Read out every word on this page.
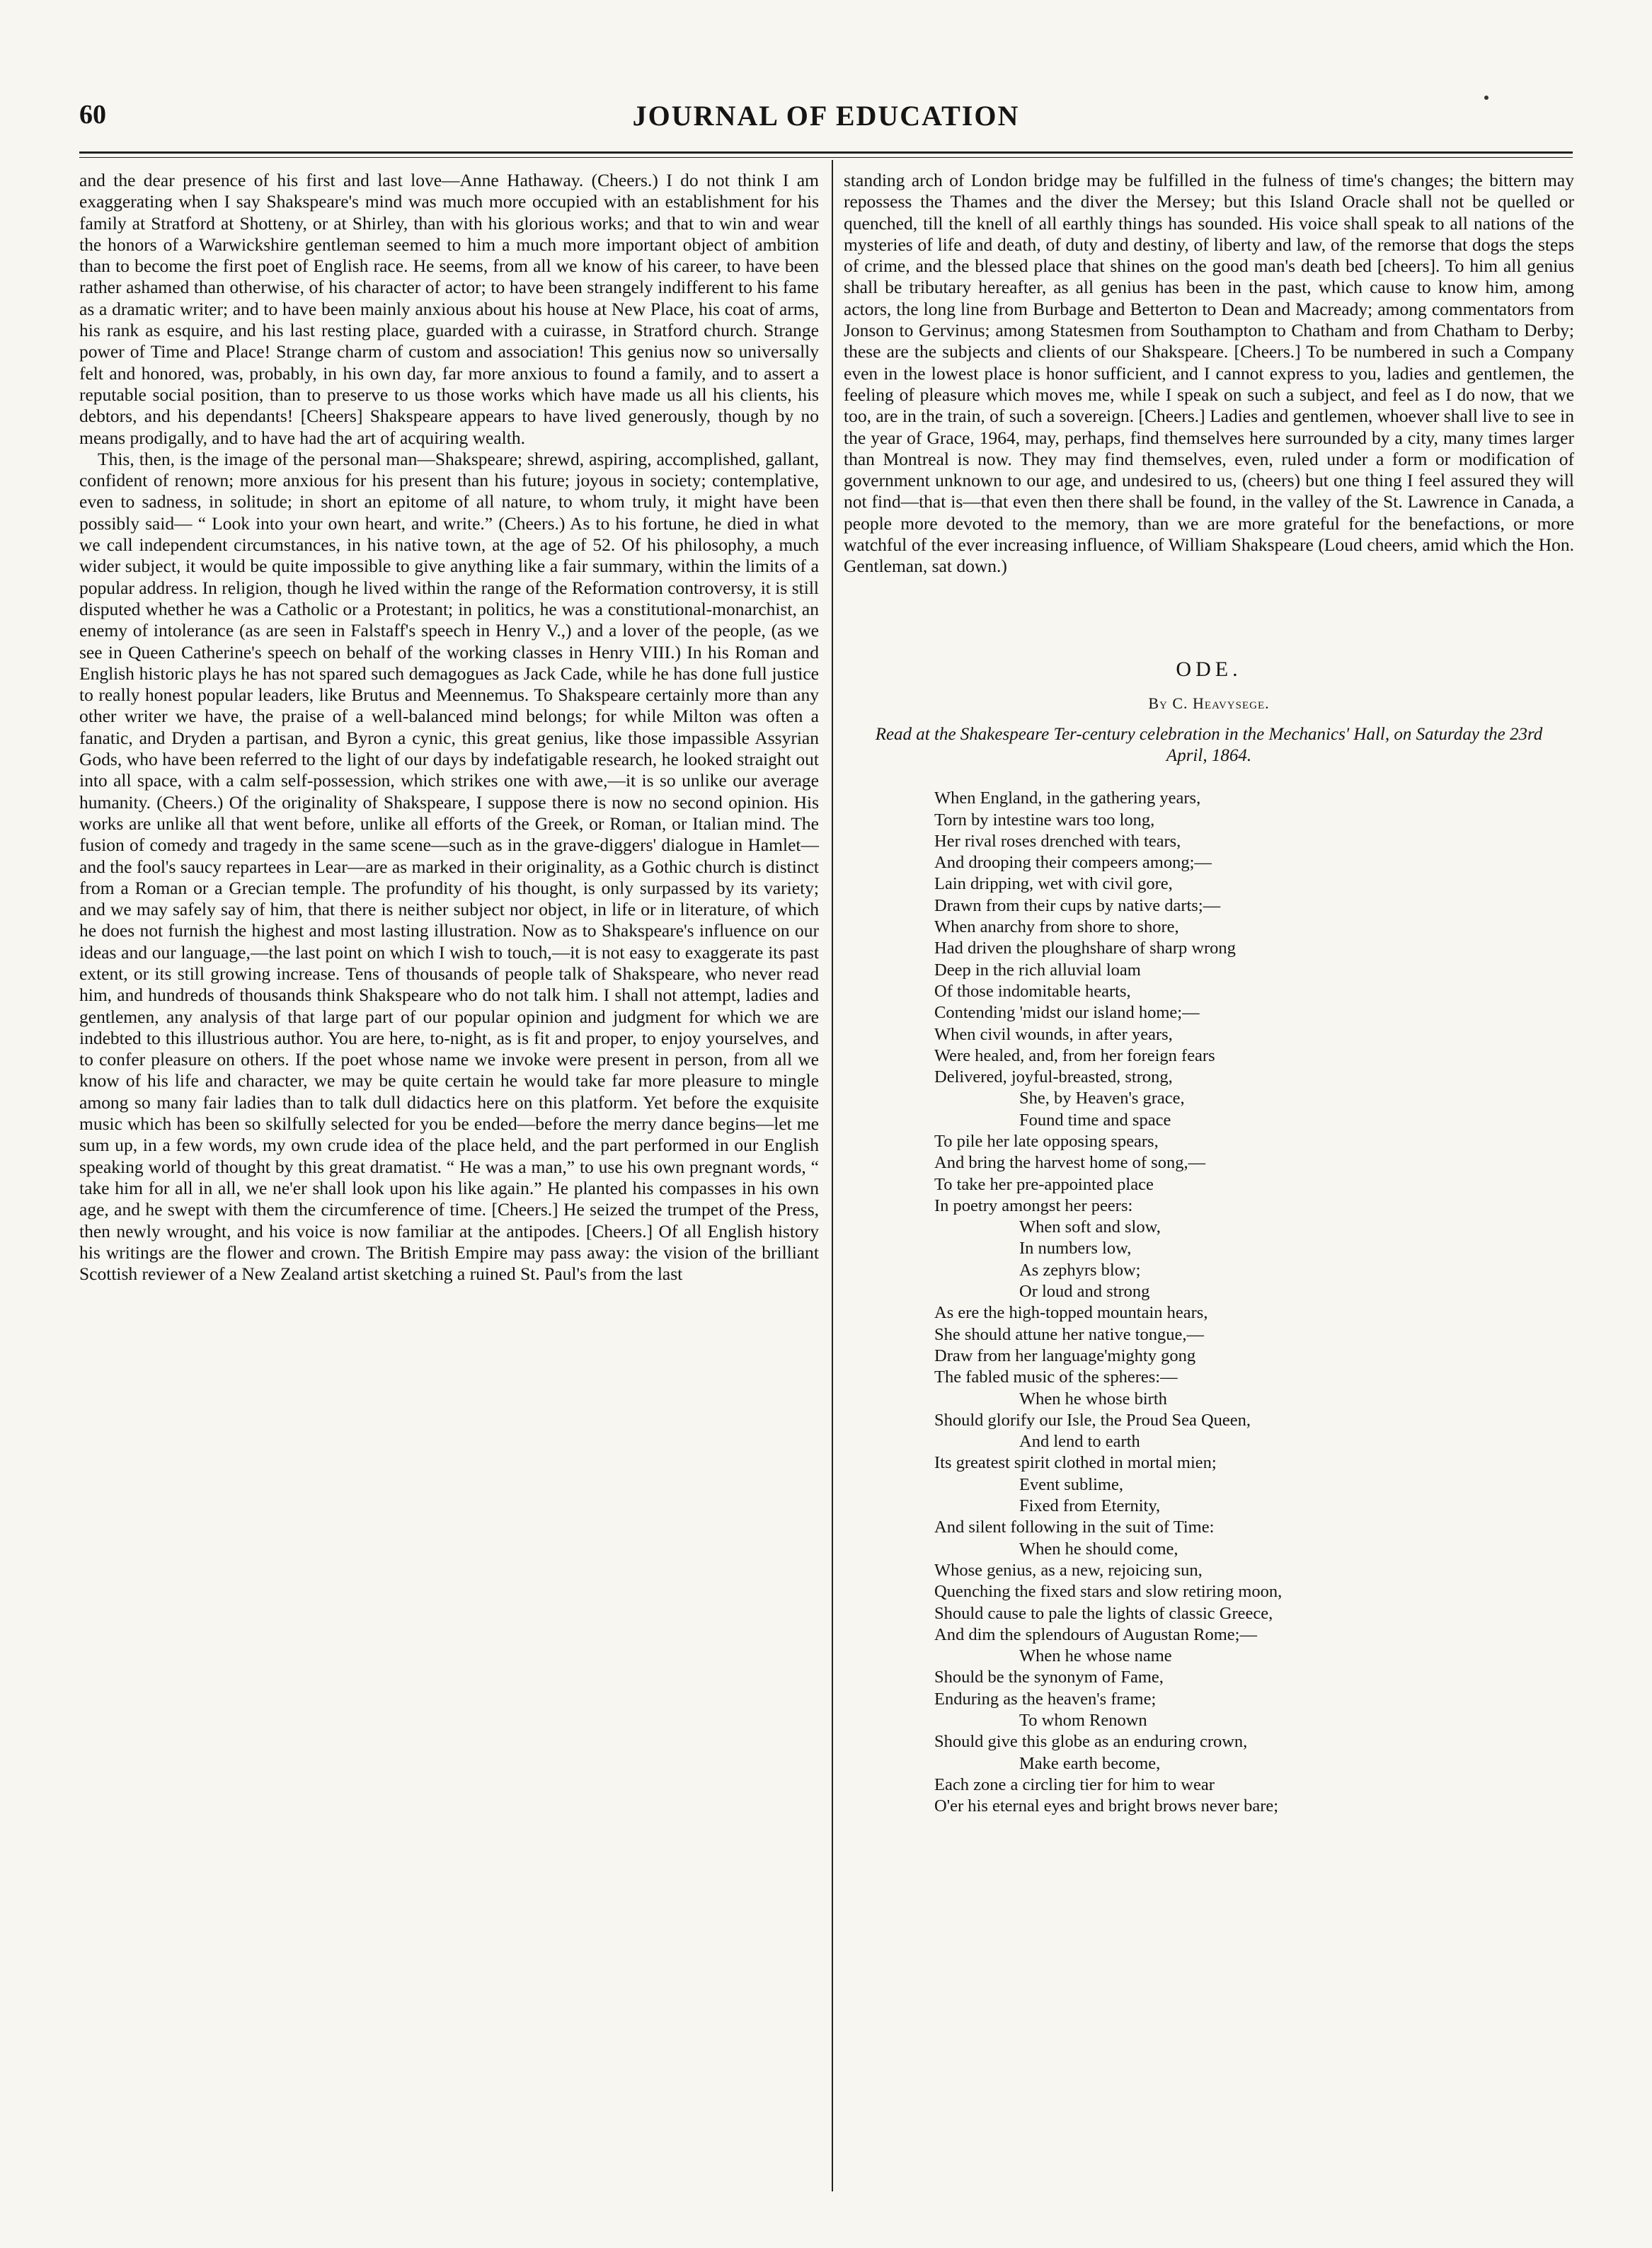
60	JOURNAL OF EDUCATION

and the dear presence of his first and last love—Anne Hathaway. (Cheers.) I do not think I am exaggerating when I say Shakspeare's mind was much more occupied with an establishment for his family at Stratford at Shotteny, or at Shirley, than with his glorious works; and that to win and wear the honors of a Warwickshire gentleman seemed to him a much more important object of ambition than to become the first poet of English race. He seems, from all we know of his career, to have been rather ashamed than otherwise, of his character of actor; to have been strangely indifferent to his fame as a dramatic writer; and to have been mainly anxious about his house at New Place, his coat of arms, his rank as esquire, and his last resting place, guarded with a cuirasse, in Stratford church. Strange power of Time and Place! Strange charm of custom and association! This genius now so universally felt and honored, was, probably, in his own day, far more anxious to found a family, and to assert a reputable social position, than to preserve to us those works which have made us all his clients, his debtors, and his dependants! [Cheers] Shakspeare appears to have lived generously, though by no means prodigally, and to have had the art of acquiring wealth.

This, then, is the image of the personal man—Shakspeare; shrewd, aspiring, accomplished, gallant, confident of renown; more anxious for his present than his future; joyous in society; contemplative, even to sadness, in solitude; in short an epitome of all nature, to whom truly, it might have been possibly said— “ Look into your own heart, and write.” (Cheers.) As to his fortune, he died in what we call independent circumstances, in his native town, at the age of 52. Of his philosophy, a much wider subject, it would be quite impossible to give anything like a fair summary, within the limits of a popular address. In religion, though he lived within the range of the Reformation controversy, it is still disputed whether he was a Catholic or a Protestant; in politics, he was a constitutional-monarchist, an enemy of intolerance (as are seen in Falstaff's speech in Henry V.,) and a lover of the people, (as we see in Queen Catherine's speech on behalf of the working classes in Henry VIII.) In his Roman and English historic plays he has not spared such demagogues as Jack Cade, while he has done full justice to really honest popular leaders, like Brutus and Meennemus. To Shakspeare certainly more than any other writer we have, the praise of a well-balanced mind belongs; for while Milton was often a fanatic, and Dryden a partisan, and Byron a cynic, this great genius, like those impassible Assyrian Gods, who have been referred to the light of our days by indefatigable research, he looked straight out into all space, with a calm self-possession, which strikes one with awe,—it is so unlike our average humanity. (Cheers.) Of the originality of Shakspeare, I suppose there is now no second opinion. His works are unlike all that went before, unlike all efforts of the Greek, or Roman, or Italian mind. The fusion of comedy and tragedy in the same scene—such as in the grave-diggers' dialogue in Hamlet—and the fool's saucy repartees in Lear—are as marked in their originality, as a Gothic church is distinct from a Roman or a Grecian temple. The profundity of his thought, is only surpassed by its variety; and we may safely say of him, that there is neither subject nor object, in life or in literature, of which he does not furnish the highest and most lasting illustration. Now as to Shakspeare's influence on our ideas and our language,—the last point on which I wish to touch,—it is not easy to exaggerate its past extent, or its still growing increase. Tens of thousands of people talk of Shakspeare, who never read him, and hundreds of thousands think Shakspeare who do not talk him. I shall not attempt, ladies and gentlemen, any analysis of that large part of our popular opinion and judgment for which we are indebted to this illustrious author. You are here, to-night, as is fit and proper, to enjoy yourselves, and to confer pleasure on others. If the poet whose name we invoke were present in person, from all we know of his life and character, we may be quite certain he would take far more pleasure to mingle among so many fair ladies than to talk dull didactics here on this platform. Yet before the exquisite music which has been so skilfully selected for you be ended—before the merry dance begins—let me sum up, in a few words, my own crude idea of the place held, and the part performed in our English speaking world of thought by this great dramatist. “ He was a man,” to use his own pregnant words, “ take him for all in all, we ne'er shall look upon his like again.” He planted his compasses in his own age, and he swept with them the circumference of time. [Cheers.] He seized the trumpet of the Press, then newly wrought, and his voice is now familiar at the antipodes. [Cheers.] Of all English history his writings are the flower and crown. The British Empire may pass away: the vision of the brilliant Scottish reviewer of a New Zealand artist sketching a ruined St. Paul's from the last

standing arch of London bridge may be fulfilled in the fulness of time's changes; the bittern may repossess the Thames and the diver the Mersey; but this Island Oracle shall not be quelled or quenched, till the knell of all earthly things has sounded. His voice shall speak to all nations of the mysteries of life and death, of duty and destiny, of liberty and law, of the remorse that dogs the steps of crime, and the blessed place that shines on the good man's death bed [cheers]. To him all genius shall be tributary hereafter, as all genius has been in the past, which cause to know him, among actors, the long line from Burbage and Betterton to Dean and Macready; among commentators from Jonson to Gervinus; among Statesmen from Southampton to Chatham and from Chatham to Derby; these are the subjects and clients of our Shakspeare. [Cheers.] To be numbered in such a Company even in the lowest place is honor sufficient, and I cannot express to you, ladies and gentlemen, the feeling of pleasure which moves me, while I speak on such a subject, and feel as I do now, that we too, are in the train, of such a sovereign. [Cheers.] Ladies and gentlemen, whoever shall live to see in the year of Grace, 1964, may, perhaps, find themselves here surrounded by a city, many times larger than Montreal is now. They may find themselves, even, ruled under a form or modification of government unknown to our age, and undesired to us, (cheers) but one thing I feel assured they will not find—that is—that even then there shall be found, in the valley of the St. Lawrence in Canada, a people more devoted to the memory, than we are more grateful for the benefactions, or more watchful of the ever increasing influence, of William Shakspeare (Loud cheers, amid which the Hon. Gentleman, sat down.)

ODE.
By C. Heavysege.
Read at the Shakespeare Ter-century celebration in the Mechanics' Hall, on Saturday the 23rd April, 1864.
When England, in the gathering years,
Torn by intestine wars too long,
Her rival roses drenched with tears,
And drooping their compeers among;—
Lain dripping, wet with civil gore,
Drawn from their cups by native darts;—
When anarchy from shore to shore,
Had driven the ploughshare of sharp wrong
Deep in the rich alluvial loam
Of those indomitable hearts,
Contending 'midst our island home;—
When civil wounds, in after years,
Were healed, and, from her foreign fears
Delivered, joyful-breasted, strong,
She, by Heaven's grace,
Found time and space
To pile her late opposing spears,
And bring the harvest home of song,—
To take her pre-appointed place
In poetry amongst her peers:
When soft and slow,
In numbers low,
As zephyrs blow;
Or loud and strong
As ere the high-topped mountain hears,
She should attune her native tongue,—
Draw from her language'mighty gong
The fabled music of the spheres:—
When he whose birth
Should glorify our Isle, the Proud Sea Queen,
And lend to earth
Its greatest spirit clothed in mortal mien;
Event sublime,
Fixed from Eternity,
And silent following in the suit of Time:
When he should come,
Whose genius, as a new, rejoicing sun,
Quenching the fixed stars and slow retiring moon,
Should cause to pale the lights of classic Greece,
And dim the splendours of Augustan Rome;—
When he whose name
Should be the synonym of Fame,
Enduring as the heaven's frame;
To whom Renown
Should give this globe as an enduring crown,
Make earth become,
Each zone a circling tier for him to wear
O'er his eternal eyes and bright brows never bare;
